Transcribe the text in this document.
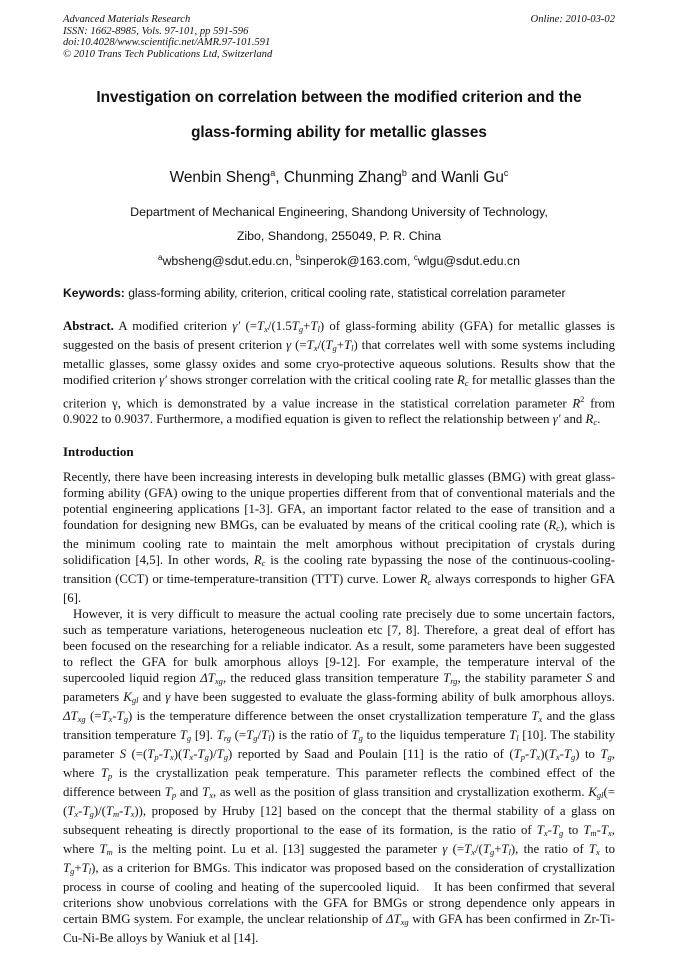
Advanced Materials Research
ISSN: 1662-8985, Vols. 97-101, pp 591-596
doi:10.4028/www.scientific.net/AMR.97-101.591
© 2010 Trans Tech Publications Ltd, Switzerland
Online: 2010-03-02
Investigation on correlation between the modified criterion and the
glass-forming ability for metallic glasses
Wenbin Sheng$^a$, Chunming Zhang$^b$ and Wanli Gu$^c$
Department of Mechanical Engineering, Shandong University of Technology,
Zibo, Shandong, 255049, P. R. China
$^a$wbsheng@sdut.edu.cn, $^b$sinperok@163.com, $^c$wlgu@sdut.edu.cn
Keywords: glass-forming ability, criterion, critical cooling rate, statistical correlation parameter

Abstract. A modified criterion γ′ ($=T_x/(1.5T_g+T_l)$ of glass-forming ability (GFA) for metallic glasses is suggested on the basis of present criterion γ ($=T_x/(T_g+T_l)$ that correlates well with some systems including metallic glasses, some glassy oxides and some cryo-protective aqueous solutions. Results show that the modified criterion γ′ shows stronger correlation with the critical cooling rate $R_c$ for metallic glasses than the criterion γ, which is demonstrated by a value increase in the statistical correlation parameter $R^2$ from 0.9022 to 0.9037. Furthermore, a modified equation is given to reflect the relationship between γ′ and $R_c$.

Introduction

Recently, there have been increasing interests in developing bulk metallic glasses (BMG) with great glass-forming ability (GFA) owing to the unique properties different from that of conventional materials and the potential engineering applications [1-3]. GFA, an important factor related to the ease of transition and a foundation for designing new BMGs, can be evaluated by means of the critical cooling rate $(R_c)$, which is the minimum cooling rate to maintain the melt amorphous without precipitation of crystals during solidification [4,5]. In other words, $R_c$ is the cooling rate bypassing the nose of the continuous-cooling-transition (CCT) or time-temperature-transition (TTT) curve. Lower $R_c$ always corresponds to higher GFA [6].

However, it is very difficult to measure the actual cooling rate precisely due to some uncertain factors, such as temperature variations, heterogeneous nucleation etc [7, 8]. Therefore, a great deal of effort has been focused on the researching for a reliable indicator. As a result, some parameters have been suggested to reflect the GFA for bulk amorphous alloys [9-12]. For example, the temperature interval of the supercooled liquid region $\Delta T_{xg}$, the reduced glass transition temperature $T_{rg}$, the stability parameter S and parameters $K_{gl}$ and γ have been suggested to evaluate the glass-forming ability of bulk amorphous alloys. $\Delta T_{xg}$ $(=T_x-T_g)$ is the temperature difference between the onset crystallization temperature $T_x$ and the glass transition temperature $T_g$ [9]. $T_{rg}$ $(=T_g/T_l)$ is the ratio of $T_g$ to the liquidus temperature $T_l$ [10]. The stability parameter S $(=(T_p-T_x)(T_x-T_g)/T_g)$ reported by Saad and Poulain [11] is the ratio of $(T_p-T_x)(T_x-T_g)$ to $T_g$, where $T_p$ is the crystallization peak temperature. This parameter reflects the combined effect of the difference between $T_p$ and $T_x$, as well as the position of glass transition and crystallization exotherm. $K_{gl}(=(T_x-T_g)/(T_m-T_x))$, proposed by Hruby [12] based on the concept that the thermal stability of a glass on subsequent reheating is directly proportional to the ease of its formation, is the ratio of $T_x-T_g$ to $T_m-T_x$, where $T_m$ is the melting point. Lu et al. [13] suggested the parameter γ ($=T_x/(T_g+T_l)$, the ratio of $T_x$ to $T_g+T_l$), as a criterion for BMGs. This indicator was proposed based on the consideration of crystallization process in course of cooling and heating of the supercooled liquid.   It has been confirmed that several criterions show unobvious correlations with the GFA for BMGs or strong dependence only appears in certain BMG system. For example, the unclear relationship of $\Delta T_{xg}$ with GFA has been confirmed in Zr-Ti-Cu-Ni-Be alloys by Waniuk et al [14].
